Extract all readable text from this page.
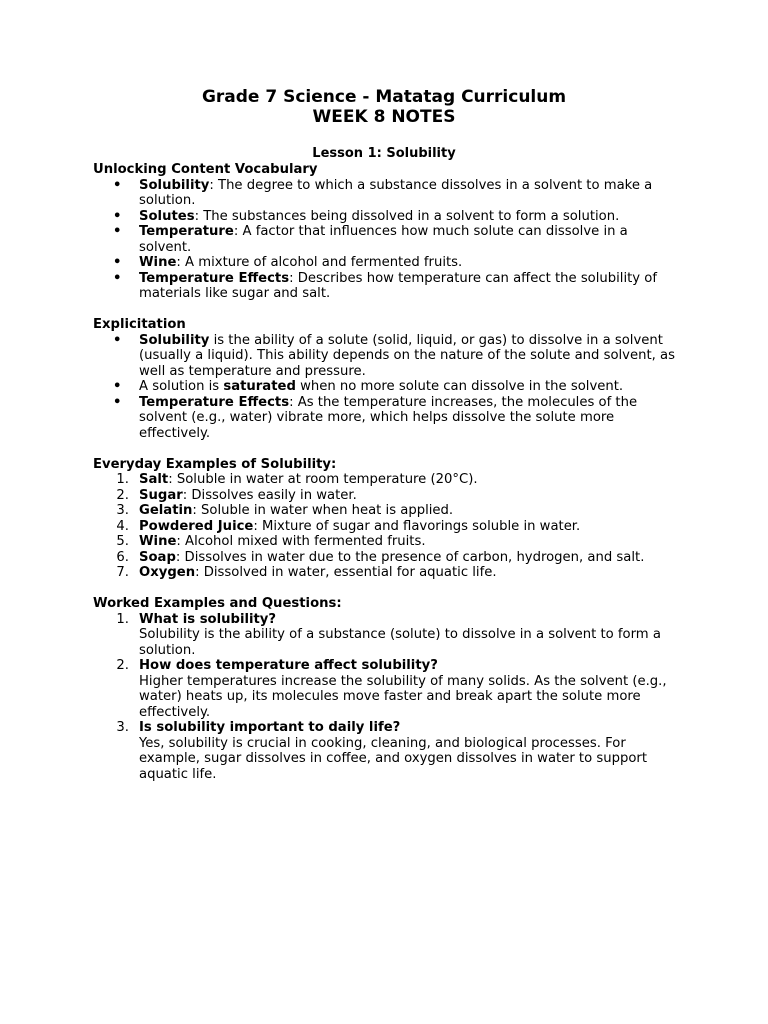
Grade 7 Science - Matatag Curriculum

WEEK 8 NOTES

Lesson 1: Solubility

Unlocking Content Vocabulary

• Solubility: The degree to which a substance dissolves in a solvent to make a solution.
• Solutes: The substances being dissolved in a solvent to form a solution.
• Temperature: A factor that influences how much solute can dissolve in a solvent.
• Wine: A mixture of alcohol and fermented fruits.
• Temperature Effects: Describes how temperature can affect the solubility of materials like sugar and salt.

Explicitation

• Solubility is the ability of a solute (solid, liquid, or gas) to dissolve in a solvent (usually a liquid). This ability depends on the nature of the solute and solvent, as well as temperature and pressure.
• A solution is saturated when no more solute can dissolve in the solvent.
• Temperature Effects: As the temperature increases, the molecules of the solvent (e.g., water) vibrate more, which helps dissolve the solute more effectively.

Everyday Examples of Solubility:

1. Salt: Soluble in water at room temperature (20°C).
2. Sugar: Dissolves easily in water.
3. Gelatin: Soluble in water when heat is applied.
4. Powdered Juice: Mixture of sugar and flavorings soluble in water.
5. Wine: Alcohol mixed with fermented fruits.
6. Soap: Dissolves in water due to the presence of carbon, hydrogen, and salt.
7. Oxygen: Dissolved in water, essential for aquatic life.

Worked Examples and Questions:

1. What is solubility?
Solubility is the ability of a substance (solute) to dissolve in a solvent to form a solution.
2. How does temperature affect solubility?
Higher temperatures increase the solubility of many solids. As the solvent (e.g., water) heats up, its molecules move faster and break apart the solute more effectively.
3. Is solubility important to daily life?
Yes, solubility is crucial in cooking, cleaning, and biological processes. For example, sugar dissolves in coffee, and oxygen dissolves in water to support aquatic life.
